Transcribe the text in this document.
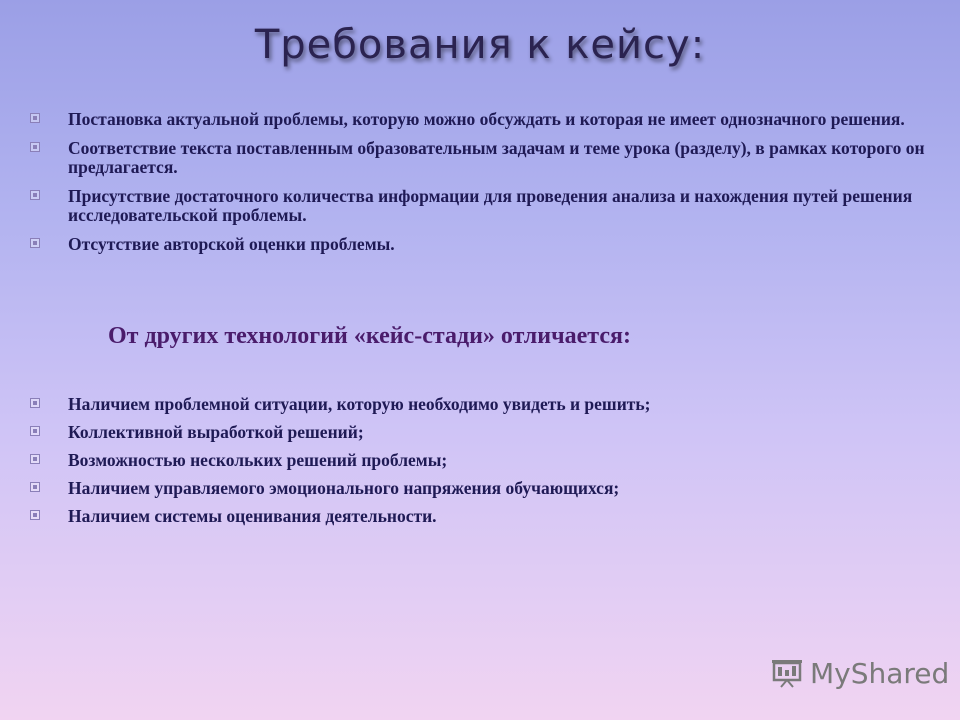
Требования к кейсу:
Постановка актуальной проблемы, которую можно обсуждать и которая не имеет однозначного решения.
Соответствие текста поставленным образовательным задачам и теме урока (разделу), в рамках которого он предлагается.
Присутствие достаточного количества информации для проведения анализа и нахождения путей решения исследовательской проблемы.
Отсутствие авторской оценки проблемы.
От других технологий «кейс-стади» отличается:
Наличием проблемной ситуации, которую необходимо увидеть и решить;
Коллективной выработкой решений;
Возможностью нескольких решений проблемы;
Наличием управляемого эмоционального напряжения обучающихся;
Наличием системы оценивания деятельности.
MyShared
